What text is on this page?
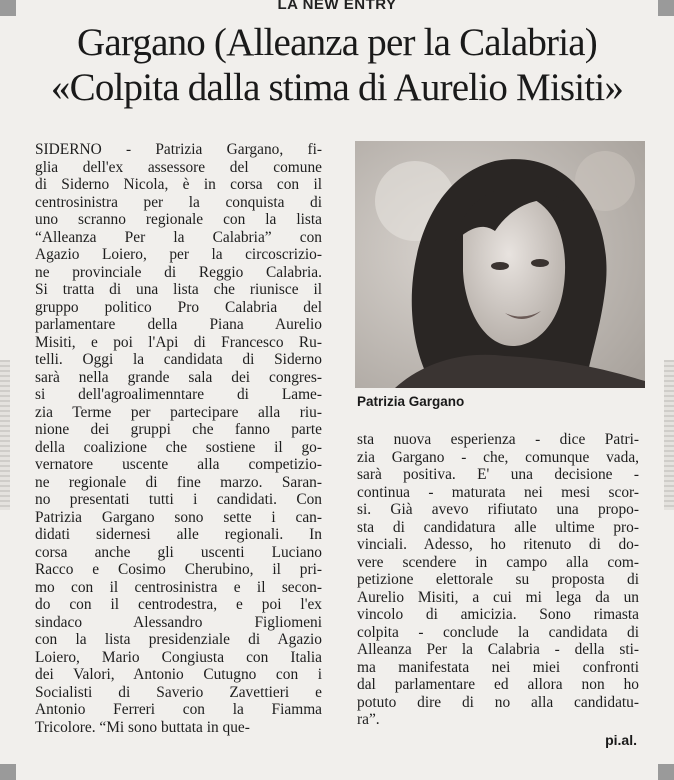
LA NEW ENTRY
Gargano (Alleanza per la Calabria)
«Colpita dalla stima di Aurelio Misiti»
SIDERNO - Patrizia Gargano, fi-
glia dell'ex assessore del comune
di Siderno Nicola, è in corsa con il
centrosinistra per la conquista di
uno scranno regionale con la lista
“Alleanza Per la Calabria” con
Agazio Loiero, per la circoscrizio-
ne provinciale di Reggio Calabria.
Si tratta di una lista che riunisce il
gruppo politico Pro Calabria del
parlamentare della Piana Aurelio
Misiti, e poi l'Api di Francesco Ru-
telli. Oggi la candidata di Siderno
sarà nella grande sala dei congres-
si dell'agroalimenntare di Lame-
zia Terme per partecipare alla riu-
nione dei gruppi che fanno parte
della coalizione che sostiene il go-
vernatore uscente alla competizio-
ne regionale di fine marzo. Saran-
no presentati tutti i candidati. Con
Patrizia Gargano sono sette i can-
didati sidernesi alle regionali. In
corsa anche gli uscenti Luciano
Racco e Cosimo Cherubino, il pri-
mo con il centrosinistra e il secon-
do con il centrodestra, e poi l'ex
sindaco Alessandro Figliomeni
con la lista presidenziale di Agazio
Loiero, Mario Congiusta con Italia
dei Valori, Antonio Cutugno con i
Socialisti di Saverio Zavettieri e
Antonio Ferreri con la Fiamma
Tricolore. “Mi sono buttata in que-
Patrizia Gargano
sta nuova esperienza - dice Patri-
zia Gargano - che, comunque vada,
sarà positiva. E' una decisione -
continua - maturata nei mesi scor-
si. Già avevo rifiutato una propo-
sta di candidatura alle ultime pro-
vinciali. Adesso, ho ritenuto di do-
vere scendere in campo alla com-
petizione elettorale su proposta di
Aurelio Misiti, a cui mi lega da un
vincolo di amicizia. Sono rimasta
colpita - conclude la candidata di
Alleanza Per la Calabria - della sti-
ma manifestata nei miei confronti
dal parlamentare ed allora non ho
potuto dire di no alla candidatu-
ra”.
pi.al.
